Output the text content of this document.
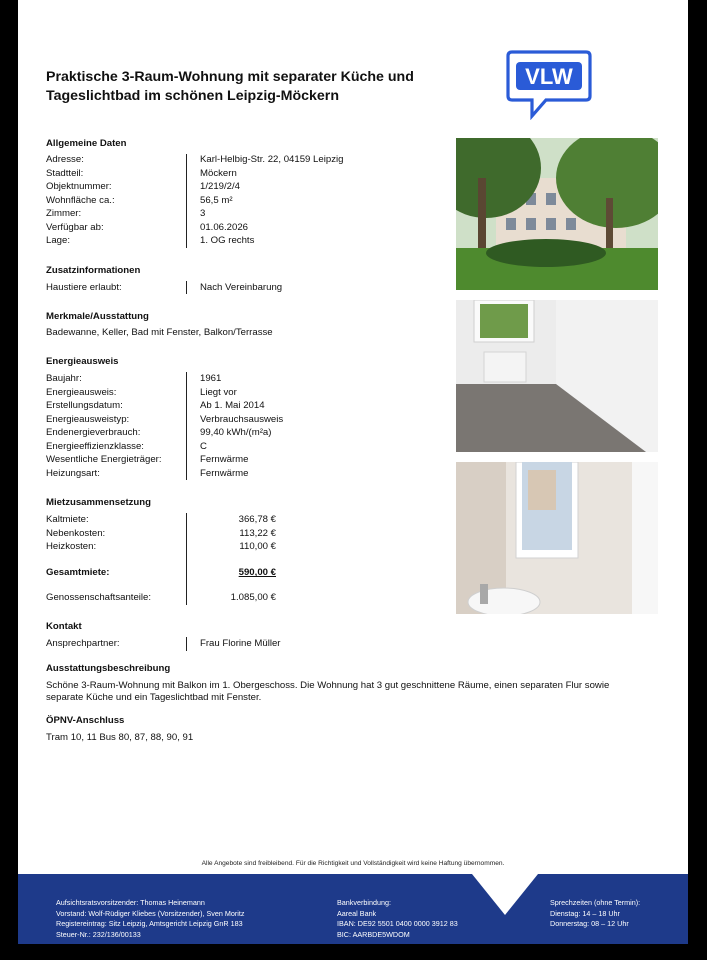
Praktische 3-Raum-Wohnung mit separater Küche und Tageslichtbad im schönen Leipzig-Möckern
VLW
Allgemeine Daten
Adresse:	Karl-Helbig-Str. 22, 04159 Leipzig
Stadtteil:	Möckern
Objektnummer:	1/219/2/4
Wohnfläche ca.:	56,5 m²
Zimmer:	3
Verfügbar ab:	01.06.2026
Lage:	1. OG rechts
Zusatzinformationen
Haustiere erlaubt:	Nach Vereinbarung
Merkmale/Ausstattung
Badewanne, Keller, Bad mit Fenster, Balkon/Terrasse
Energieausweis
Baujahr:	1961
Energieausweis:	Liegt vor
Erstellungsdatum:	Ab 1. Mai 2014
Energieausweistyp:	Verbrauchsausweis
Endenergieverbrauch:	99,40 kWh/(m²a)
Energieeffizienzklasse:	C
Wesentliche Energieträger:	Fernwärme
Heizungsart:	Fernwärme
Mietzusammensetzung
Kaltmiete:	366,78 €
Nebenkosten:	113,22 €
Heizkosten:	110,00 €
Gesamtmiete:	590,00 €
Genossenschaftsanteile:	1.085,00 €
Kontakt
Ansprechpartner:	Frau Florine Müller
Ausstattungsbeschreibung
Schöne 3-Raum-Wohnung mit Balkon im 1. Obergeschoss. Die Wohnung hat 3 gut geschnittene Räume, einen separaten Flur sowie separate Küche und ein Tageslichtbad mit Fenster.
ÖPNV-Anschluss
Tram 10, 11 Bus 80, 87, 88, 90, 91
Alle Angebote sind freibleibend. Für die Richtigkeit und Vollständigkeit wird keine Haftung übernommen.
Aufsichtsratsvorsitzender: Thomas Heinemann
Vorstand: Wolf-Rüdiger Kliebes (Vorsitzender), Sven Moritz
Registereintrag: Sitz Leipzig, Amtsgericht Leipzig GnR 183
Steuer-Nr.: 232/136/00133
Bankverbindung:
Aareal Bank
IBAN: DE92 5501 0400 0000 3912 83
BIC: AARBDE5WDOM
Sprechzeiten (ohne Termin):
Dienstag: 14 – 18 Uhr
Donnerstag: 08 – 12 Uhr
